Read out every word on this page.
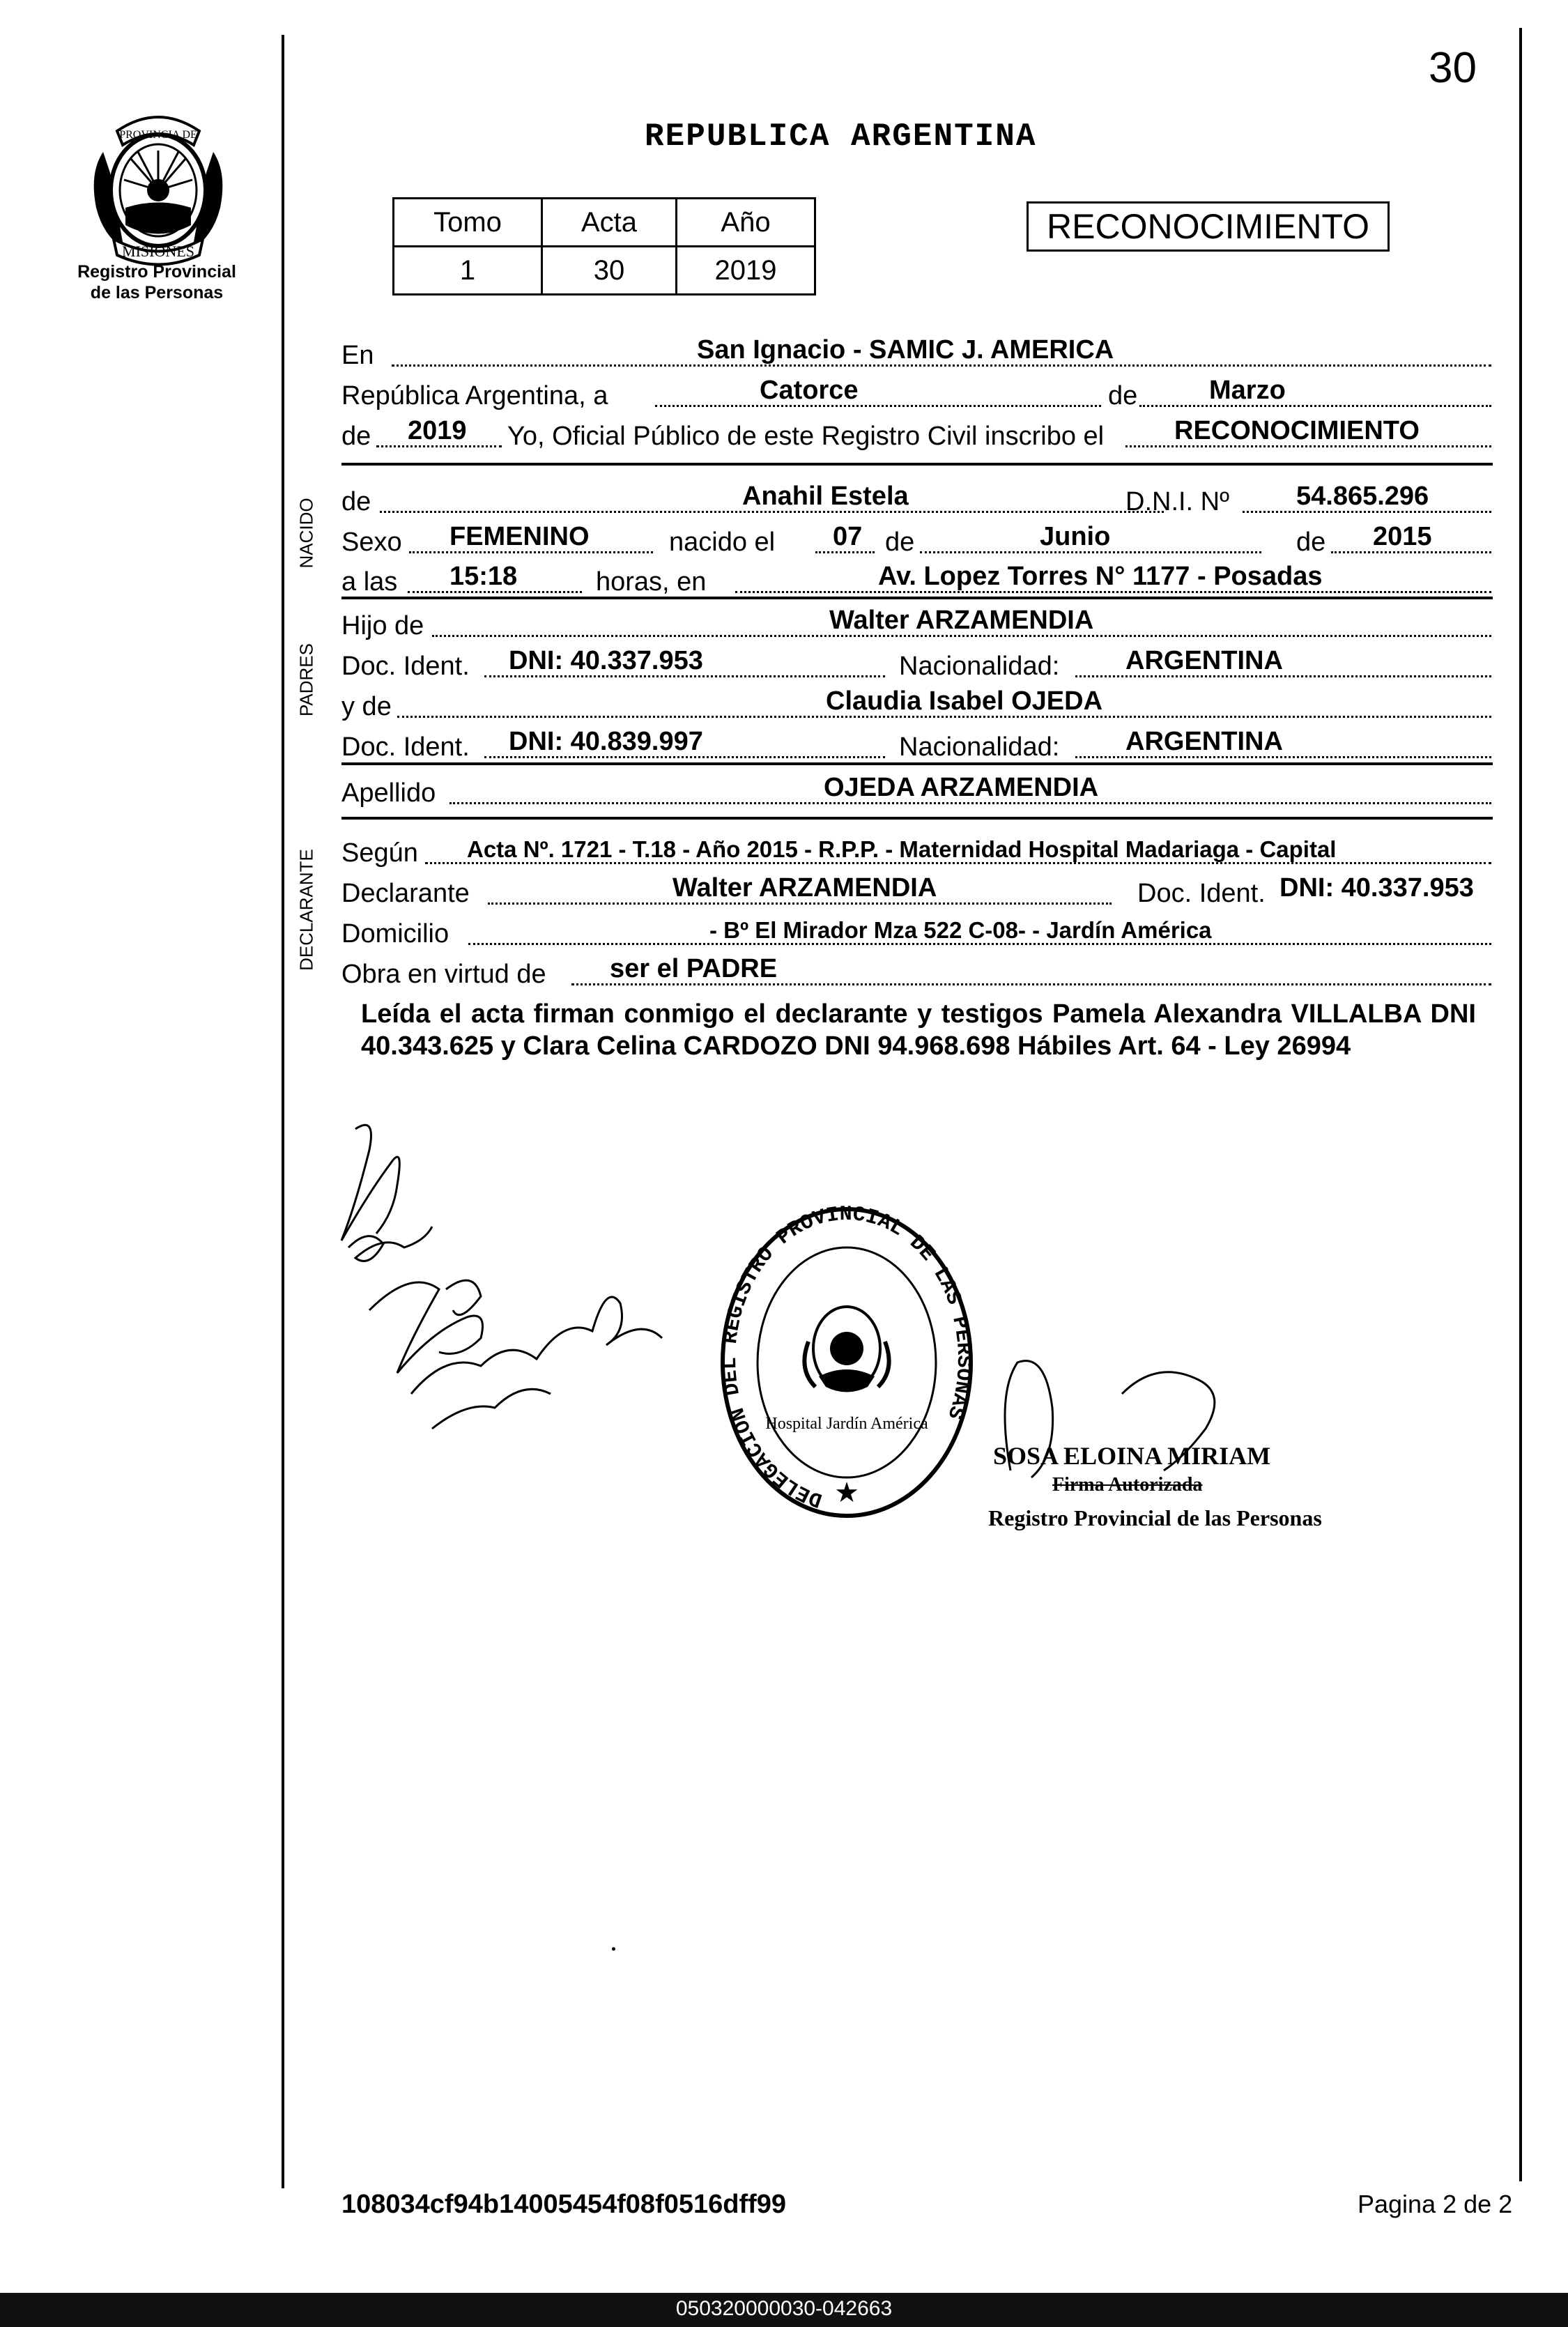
PROVINCIA DE
MISIONES
Registro Provincial
de las Personas
30
REPUBLICA ARGENTINA
Tomo	Acta	Año
1	30	2019
RECONOCIMIENTO
En	San Ignacio - SAMIC J. AMERICA
República Argentina, a	Catorce	de	Marzo
de 2019 Yo, Oficial Público de este Registro Civil inscribo el	RECONOCIMIENTO
NACIDO de	Anahil Estela	D.N.I. Nº	54.865.296
Sexo FEMENINO	nacido el 07 de	Junio	de 2015
a las 15:18	horas, en	Av. Lopez Torres N° 1177 - Posadas
PADRES
Hijo de	Walter ARZAMENDIA
Doc. Ident. DNI: 40.337.953	Nacionalidad: ARGENTINA
y de	Claudia Isabel OJEDA
Doc. Ident. DNI: 40.839.997	Nacionalidad: ARGENTINA
Apellido	OJEDA ARZAMENDIA
DECLARANTE Según Acta Nº. 1721 - T.18 - Año 2015 - R.P.P. - Maternidad Hospital Madariaga - Capital
Declarante	Walter ARZAMENDIA	Doc. Ident. DNI: 40.337.953
Domicilio	- Bº El Mirador Mza 522 C-08- - Jardín América
Obra en virtud de ser el PADRE
Leída el acta firman conmigo el declarante y testigos Pamela Alexandra VILLALBA DNI 40.343.625 y Clara Celina CARDOZO DNI 94.968.698 Hábiles Art. 64 - Ley 26994
DELEGACION DEL REGISTRO PROVINCIAL DE LAS PERSONAS
Hospital Jardín América
★
SOSA ELOINA MIRIAM
Firma Autorizada
Registro Provincial de las Personas
108034cf94b14005454f08f0516dff99	Pagina 2 de 2
050320000030-042663
